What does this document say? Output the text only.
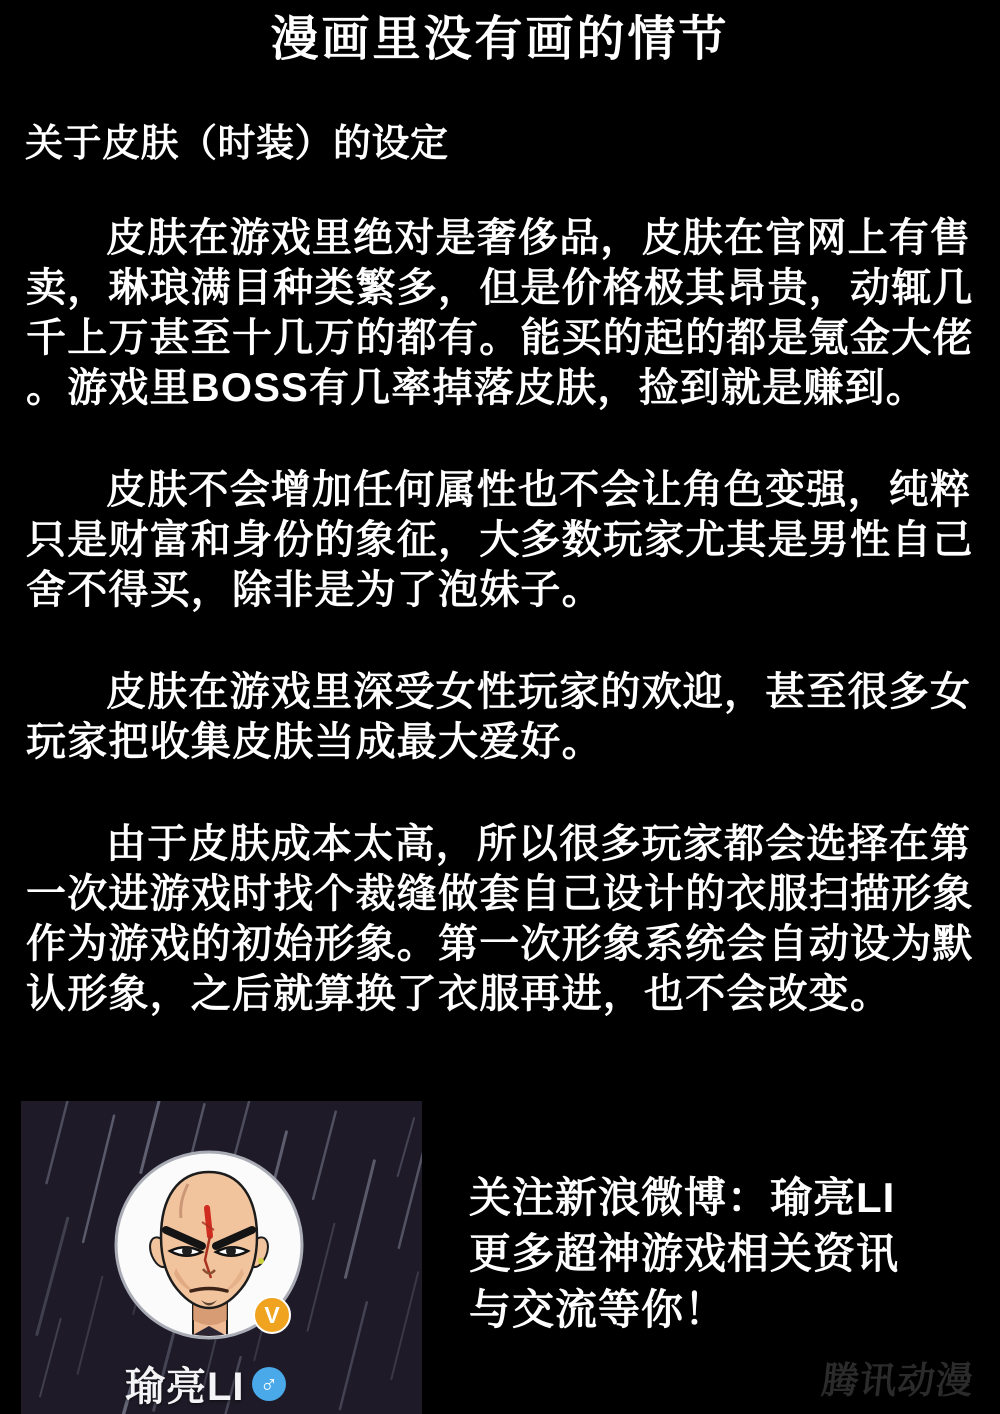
漫画里没有画的情节
关于皮肤（时装）的设定

皮肤在游戏里绝对是奢侈品，皮肤在官网上有售卖，琳琅满目种类繁多，但是价格极其昂贵，动辄几千上万甚至十几万的都有。能买的起的都是氪金大佬。游戏里BOSS有几率掉落皮肤，捡到就是赚到。

皮肤不会增加任何属性也不会让角色变强，纯粹只是财富和身份的象征，大多数玩家尤其是男性自己舍不得买，除非是为了泡妹子。

皮肤在游戏里深受女性玩家的欢迎，甚至很多女玩家把收集皮肤当成最大爱好。

由于皮肤成本太高，所以很多玩家都会选择在第一次进游戏时找个裁缝做套自己设计的衣服扫描形象作为游戏的初始形象。第一次形象系统会自动设为默认形象，之后就算换了衣服再进，也不会改变。

V
瑜亮LI ♂
关注新浪微博：瑜亮LI
更多超神游戏相关资讯
与交流等你！
腾讯动漫
